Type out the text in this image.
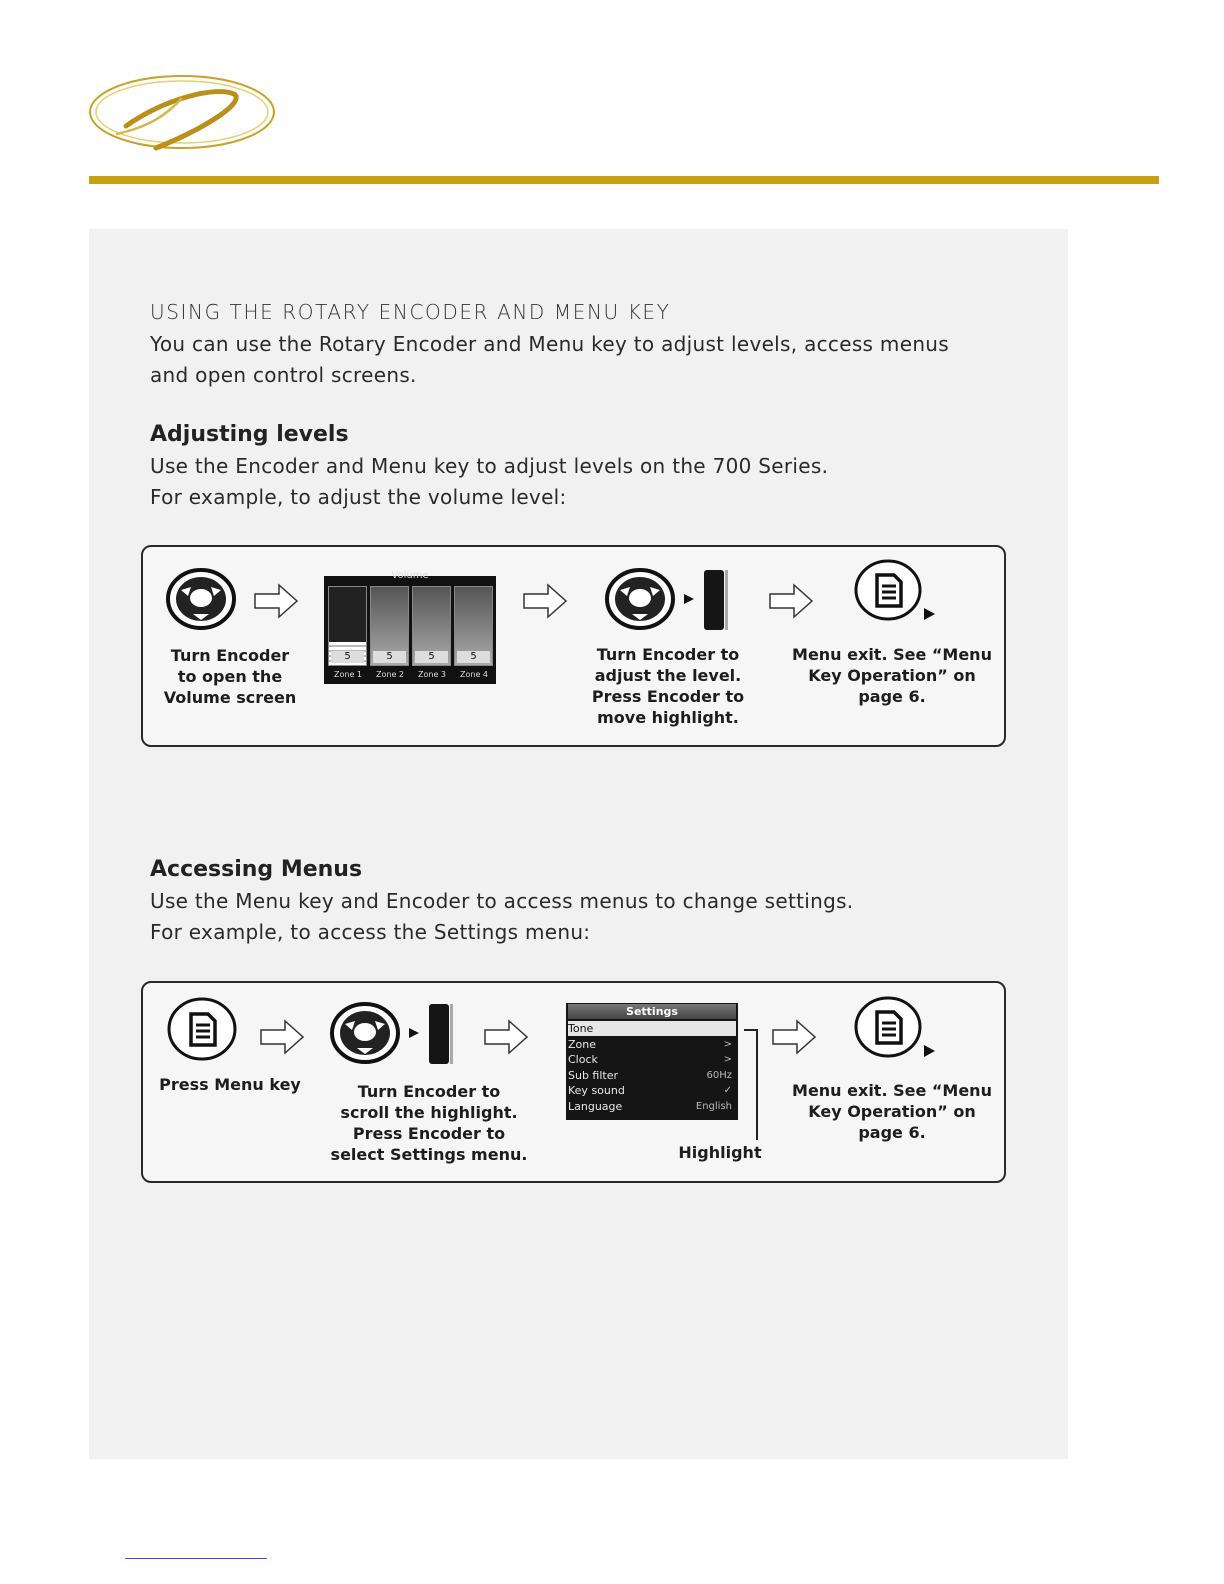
USING THE ROTARY ENCODER AND MENU KEY
You can use the Rotary Encoder and Menu key to adjust levels, access menus
and open control screens.
Adjusting levels
Use the Encoder and Menu key to adjust levels on the 700 Series.
For example, to adjust the volume level:
Volume
5
Zone 1
5
Zone 2
5
Zone 3
5
Zone 4
Turn Encoder
to open the
Volume screen
Turn Encoder to
adjust the level.
Press Encoder to
move highlight.
Menu exit. See “Menu
Key Operation” on
page 6.
Accessing Menus
Use the Menu key and Encoder to access menus to change settings.
For example, to access the Settings menu:
Settings
Tone
Zone	>
Clock	>
Sub filter	60Hz
Key sound	✓
Language	English
Highlight
Press Menu key	Turn Encoder to
scroll the highlight.
Press Encoder to
select Settings menu.
Menu exit. See “Menu
Key Operation” on
page 6.
